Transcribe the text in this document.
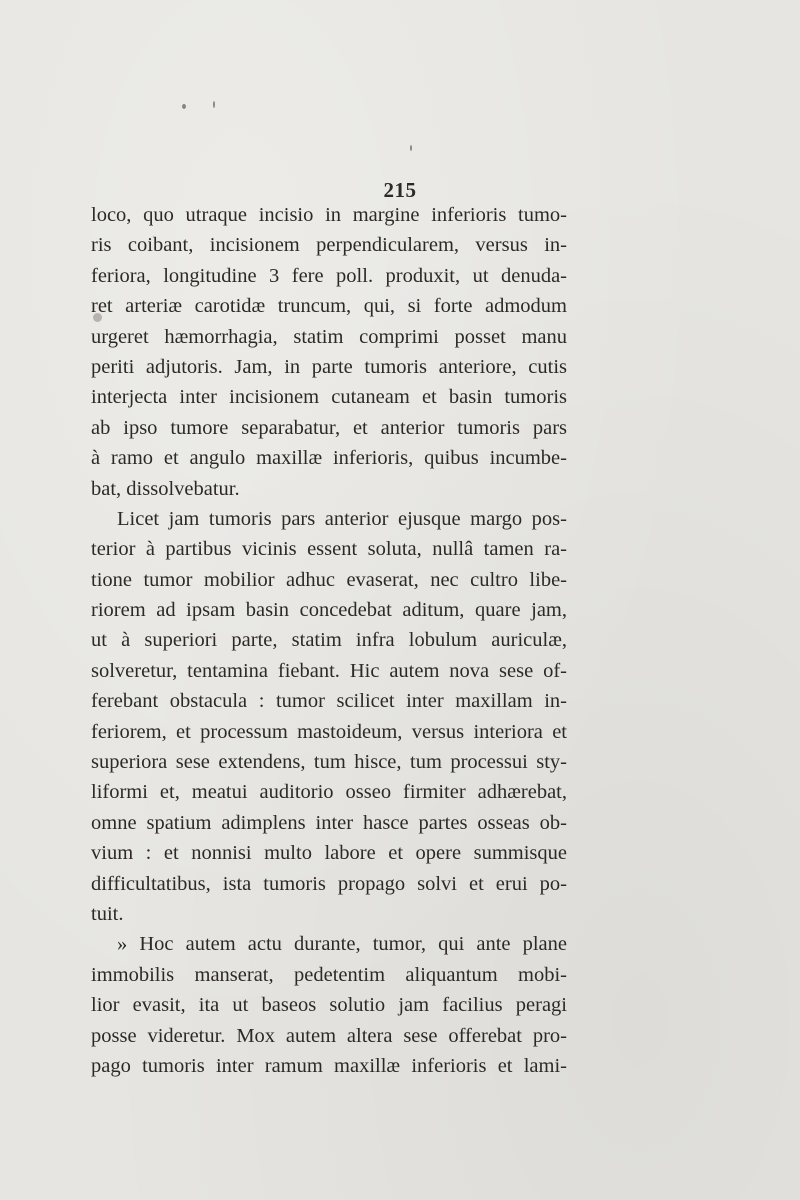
215
loco, quo utraque incisio in margine inferioris tumo-
ris coibant, incisionem perpendicularem, versus in-
feriora, longitudine 3 fere poll. produxit, ut denuda-
ret arteriæ carotidæ truncum, qui, si forte admodum
urgeret hæmorrhagia, statim comprimi posset manu
periti adjutoris. Jam, in parte tumoris anteriore, cutis
interjecta inter incisionem cutaneam et basin tumoris
ab ipso tumore separabatur, et anterior tumoris pars
à ramo et angulo maxillæ inferioris, quibus incumbe-
bat, dissolvebatur.
Licet jam tumoris pars anterior ejusque margo pos-
terior à partibus vicinis essent soluta, nullâ tamen ra-
tione tumor mobilior adhuc evaserat, nec cultro libe-
riorem ad ipsam basin concedebat aditum, quare jam,
ut à superiori parte, statim infra lobulum auriculæ,
solveretur, tentamina fiebant. Hic autem nova sese of-
ferebant obstacula : tumor scilicet inter maxillam in-
feriorem, et processum mastoideum, versus interiora et
superiora sese extendens, tum hisce, tum processui sty-
liformi et, meatui auditorio osseo firmiter adhærebat,
omne spatium adimplens inter hasce partes osseas ob-
vium : et nonnisi multo labore et opere summisque
difficultatibus, ista tumoris propago solvi et erui po-
tuit.
» Hoc autem actu durante, tumor, qui ante plane
immobilis manserat, pedetentim aliquantum mobi-
lior evasit, ita ut baseos solutio jam facilius peragi
posse videretur. Mox autem altera sese offerebat pro-
pago tumoris inter ramum maxillæ inferioris et lami-
